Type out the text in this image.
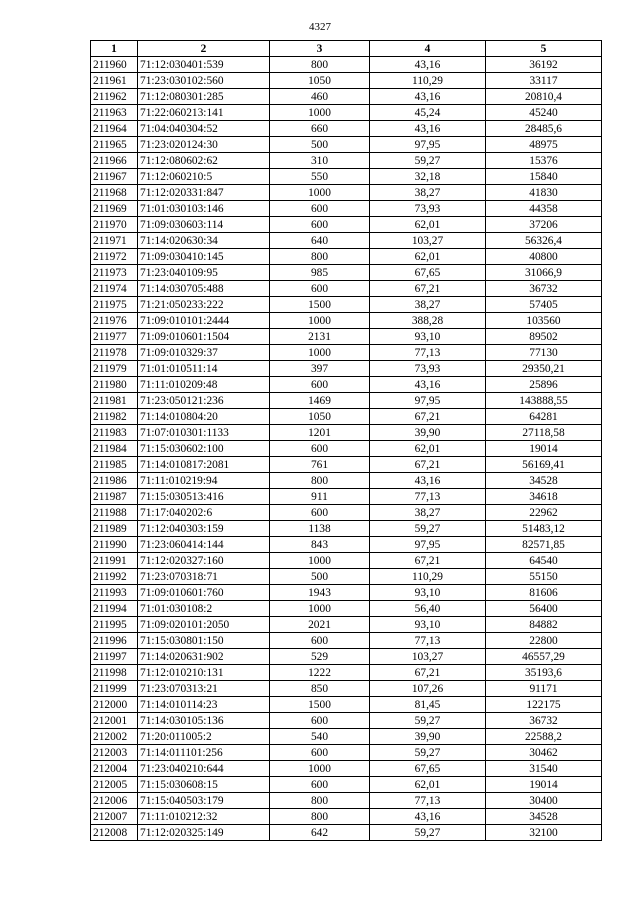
4327
1	2	3	4	5
211960	71:12:030401:539	800	43,16	36192
211961	71:23:030102:560	1050	110,29	33117
211962	71:12:080301:285	460	43,16	20810,4
211963	71:22:060213:141	1000	45,24	45240
211964	71:04:040304:52	660	43,16	28485,6
211965	71:23:020124:30	500	97,95	48975
211966	71:12:080602:62	310	59,27	15376
211967	71:12:060210:5	550	32,18	15840
211968	71:12:020331:847	1000	38,27	41830
211969	71:01:030103:146	600	73,93	44358
211970	71:09:030603:114	600	62,01	37206
211971	71:14:020630:34	640	103,27	56326,4
211972	71:09:030410:145	800	62,01	40800
211973	71:23:040109:95	985	67,65	31066,9
211974	71:14:030705:488	600	67,21	36732
211975	71:21:050233:222	1500	38,27	57405
211976	71:09:010101:2444	1000	388,28	103560
211977	71:09:010601:1504	2131	93,10	89502
211978	71:09:010329:37	1000	77,13	77130
211979	71:01:010511:14	397	73,93	29350,21
211980	71:11:010209:48	600	43,16	25896
211981	71:23:050121:236	1469	97,95	143888,55
211982	71:14:010804:20	1050	67,21	64281
211983	71:07:010301:1133	1201	39,90	27118,58
211984	71:15:030602:100	600	62,01	19014
211985	71:14:010817:2081	761	67,21	56169,41
211986	71:11:010219:94	800	43,16	34528
211987	71:15:030513:416	911	77,13	34618
211988	71:17:040202:6	600	38,27	22962
211989	71:12:040303:159	1138	59,27	51483,12
211990	71:23:060414:144	843	97,95	82571,85
211991	71:12:020327:160	1000	67,21	64540
211992	71:23:070318:71	500	110,29	55150
211993	71:09:010601:760	1943	93,10	81606
211994	71:01:030108:2	1000	56,40	56400
211995	71:09:020101:2050	2021	93,10	84882
211996	71:15:030801:150	600	77,13	22800
211997	71:14:020631:902	529	103,27	46557,29
211998	71:12:010210:131	1222	67,21	35193,6
211999	71:23:070313:21	850	107,26	91171
212000	71:14:010114:23	1500	81,45	122175
212001	71:14:030105:136	600	59,27	36732
212002	71:20:011005:2	540	39,90	22588,2
212003	71:14:011101:256	600	59,27	30462
212004	71:23:040210:644	1000	67,65	31540
212005	71:15:030608:15	600	62,01	19014
212006	71:15:040503:179	800	77,13	30400
212007	71:11:010212:32	800	43,16	34528
212008	71:12:020325:149	642	59,27	32100
